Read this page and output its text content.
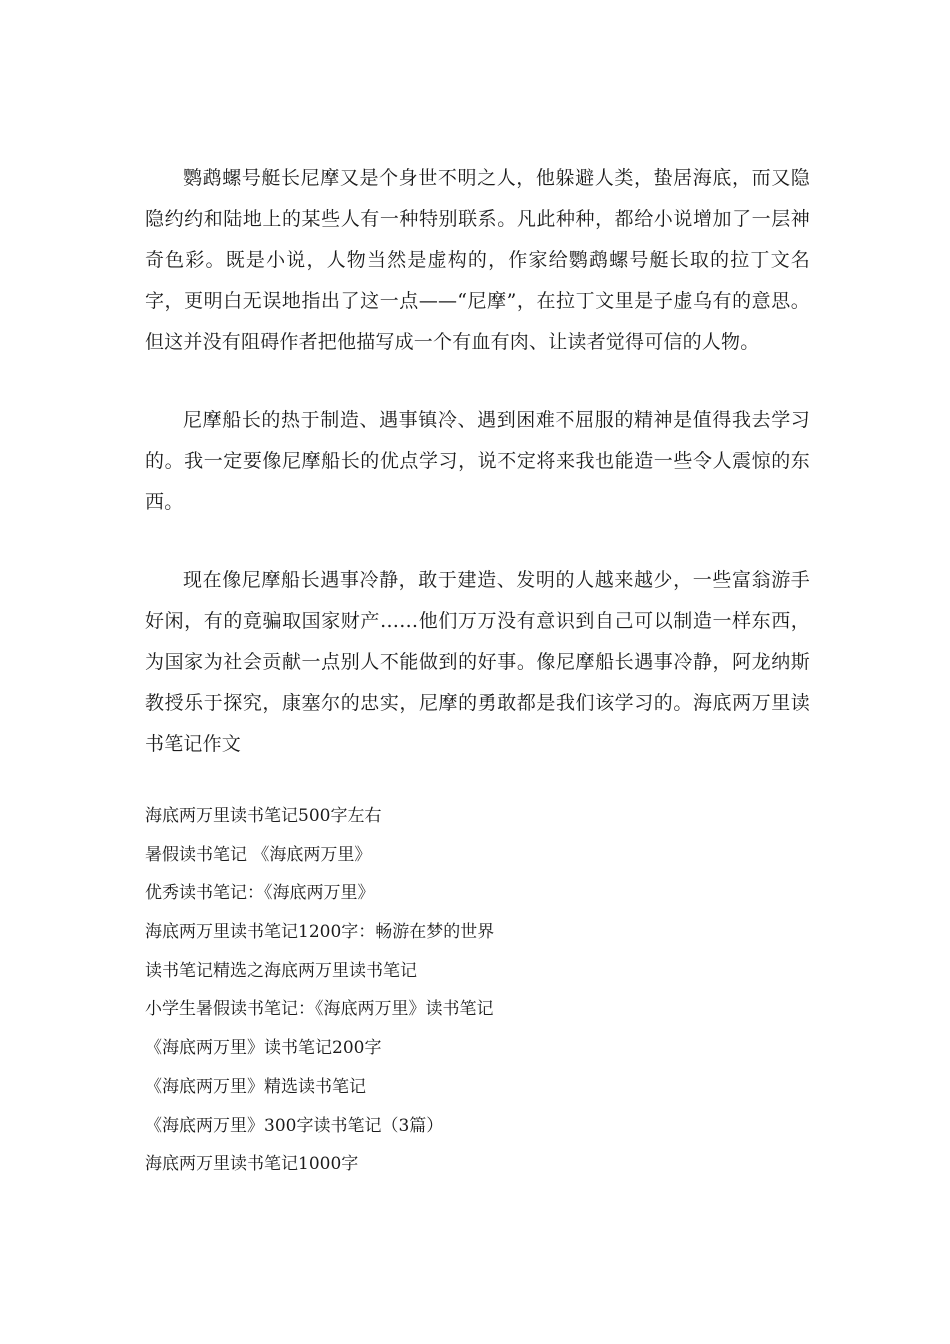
鹦鹉螺号艇长尼摩又是个身世不明之人，他躲避人类，蛰居海底，而又隐隐约约和陆地上的某些人有一种特别联系。凡此种种，都给小说增加了一层神奇色彩。既是小说，人物当然是虚构的，作家给鹦鹉螺号艇长取的拉丁文名字，更明白无误地指出了这一点——“尼摩”，在拉丁文里是子虚乌有的意思。但这并没有阻碍作者把他描写成一个有血有肉、让读者觉得可信的人物。

尼摩船长的热于制造、遇事镇冷、遇到困难不屈服的精神是值得我去学习的。我一定要像尼摩船长的优点学习，说不定将来我也能造一些令人震惊的东西。

现在像尼摩船长遇事冷静，敢于建造、发明的人越来越少，一些富翁游手好闲，有的竟骗取国家财产……他们万万没有意识到自己可以制造一样东西，为国家为社会贡献一点别人不能做到的好事。像尼摩船长遇事冷静，阿龙纳斯教授乐于探究，康塞尔的忠实，尼摩的勇敢都是我们该学习的。海底两万里读书笔记作文

海底两万里读书笔记500字左右
暑假读书笔记 《海底两万里》
优秀读书笔记：《海底两万里》
海底两万里读书笔记1200字：畅游在梦的世界
读书笔记精选之海底两万里读书笔记
小学生暑假读书笔记：《海底两万里》读书笔记
《海底两万里》读书笔记200字
《海底两万里》精选读书笔记
《海底两万里》300字读书笔记（3篇）
海底两万里读书笔记1000字
